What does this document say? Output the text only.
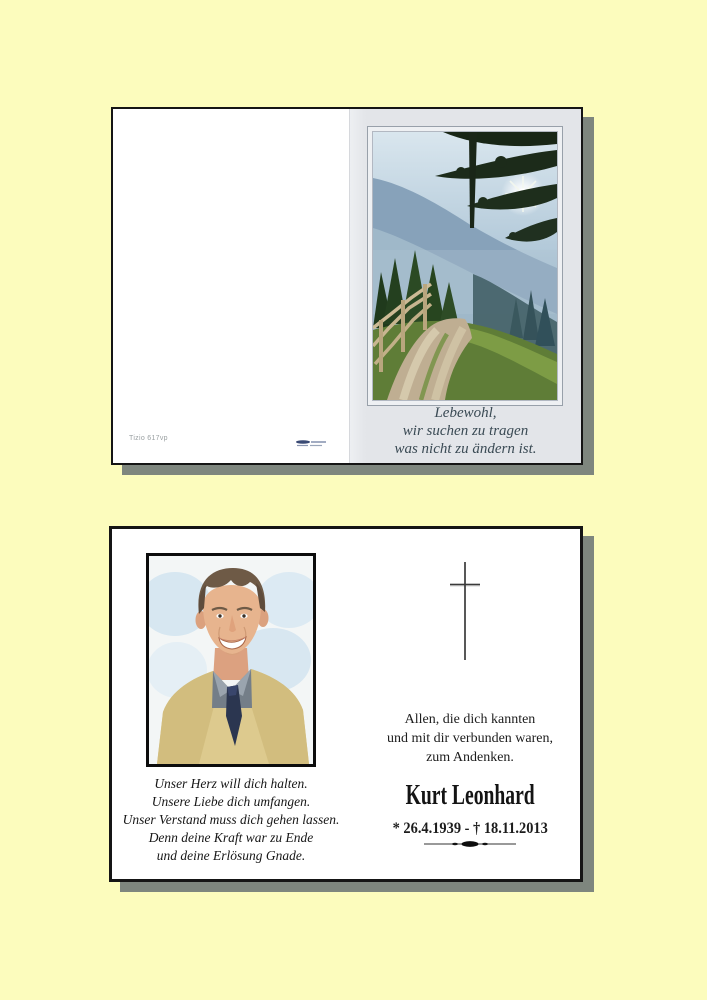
Tizio 617vp
Lebewohl,
wir suchen zu tragen
was nicht zu ändern ist.
Unser Herz will dich halten.
Unsere Liebe dich umfangen.
Unser Verstand muss dich gehen lassen.
Denn deine Kraft war zu Ende
und deine Erlösung Gnade.
Allen, die dich kannten
und mit dir verbunden waren,
zum Andenken.
Kurt Leonhard
* 26.4.1939 - † 18.11.2013
